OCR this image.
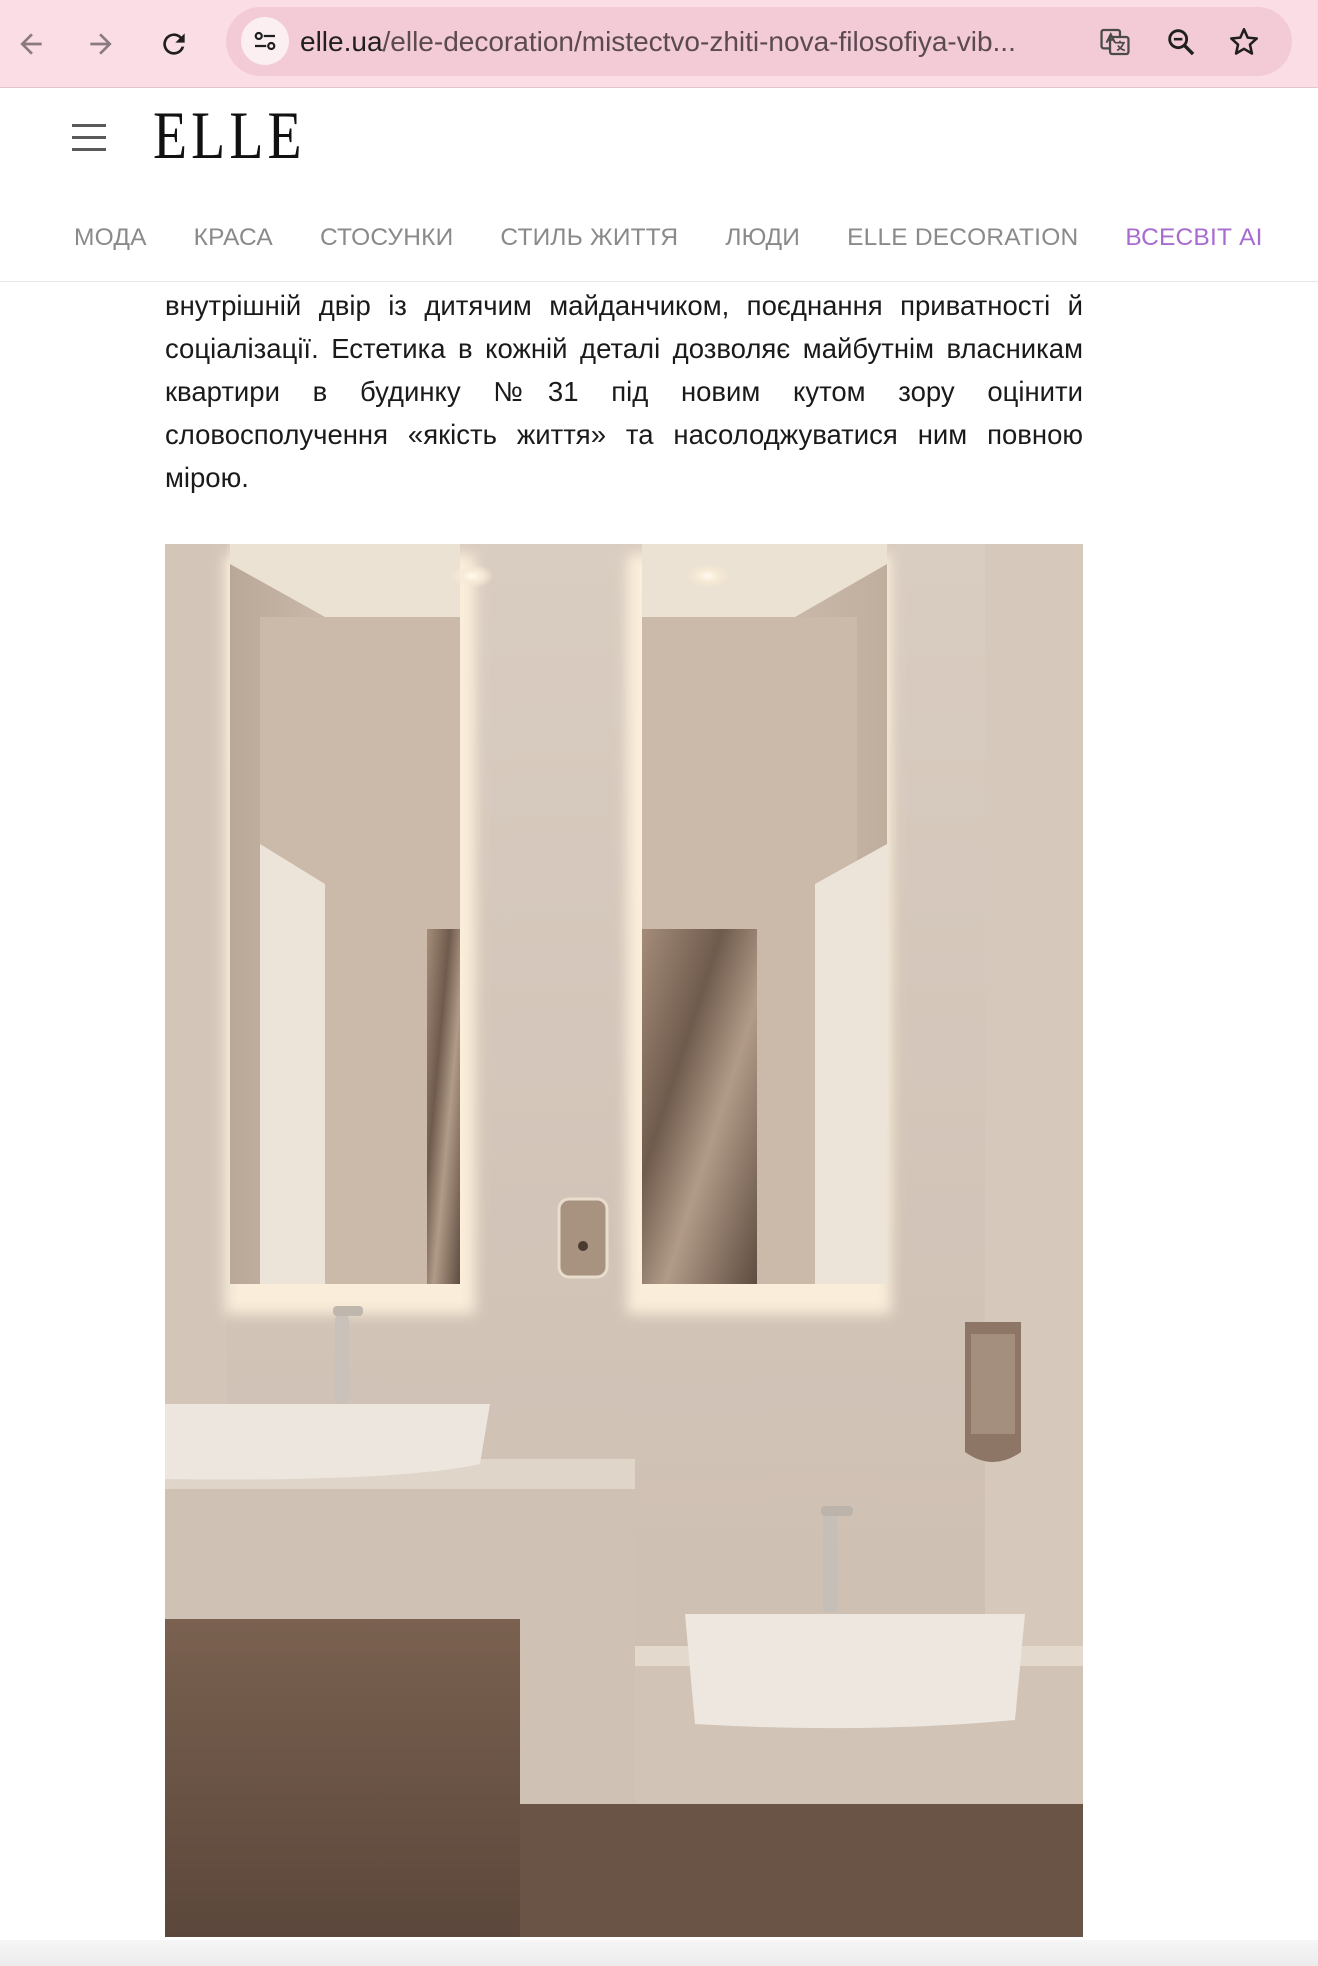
elle.ua/elle-decoration/mistectvo-zhiti-nova-filosofiya-vib...
ELLE
МОДА КРАСА СТОСУНКИ СТИЛЬ ЖИТТЯ ЛЮДИ ELLE DECORATION ВСЕСВІТ AI

внутрішній двір із дитячим майданчиком, поєднання приватності й соціалізації. Естетика в кожній деталі дозволяє майбутнім власникам квартири в будинку №31 під новим кутом зору оцінити словосполучення «якість життя» та насолоджуватися ним повною мірою.
